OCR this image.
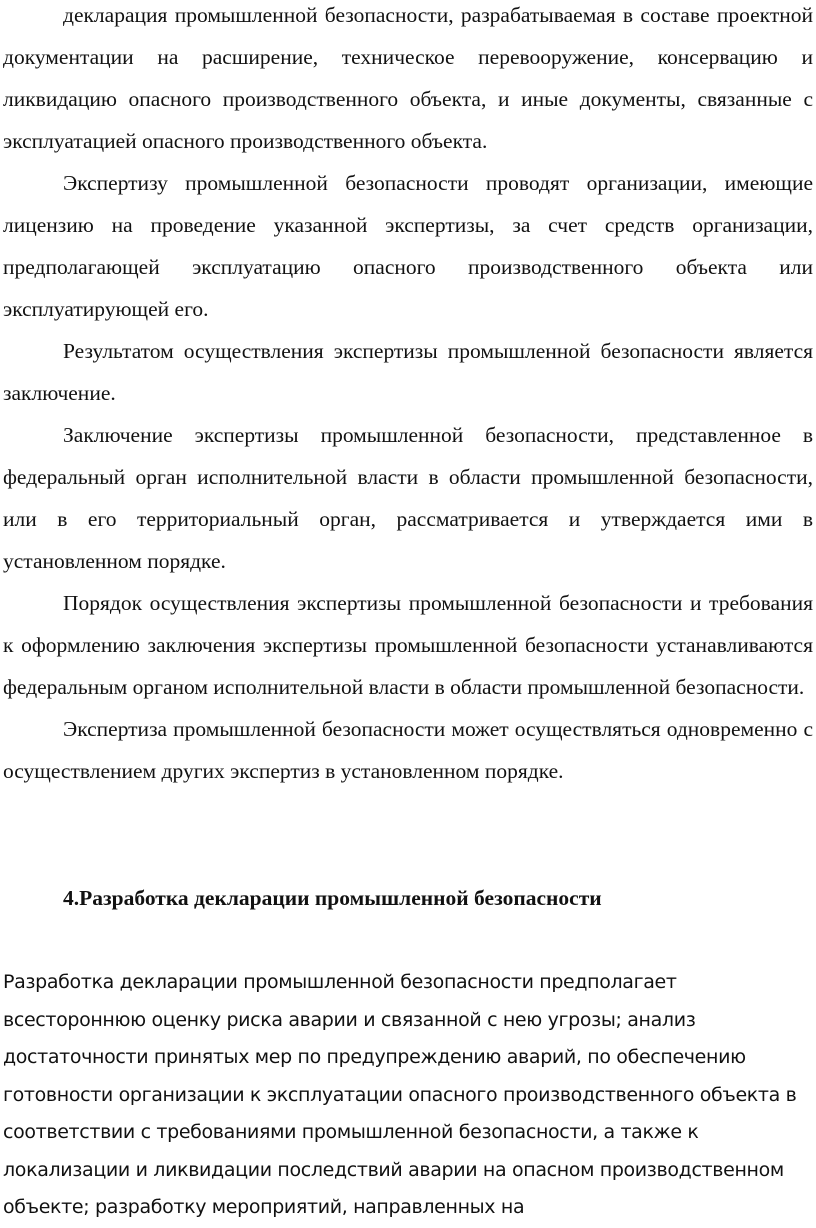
декларация промышленной безопасности, разрабатываемая в составе проектной документации на расширение, техническое перевооружение, консервацию и ликвидацию опасного производственного объекта, и иные документы, связанные с эксплуатацией опасного производственного объекта.

Экспертизу промышленной безопасности проводят организации, имеющие лицензию на проведение указанной экспертизы, за счет средств организации, предполагающей эксплуатацию опасного производственного объекта или эксплуатирующей его.

Результатом осуществления экспертизы промышленной безопасности является заключение.

Заключение экспертизы промышленной безопасности, представленное в федеральный орган исполнительной власти в области промышленной безопасности, или в его территориальный орган, рассматривается и утверждается ими в установленном порядке.

Порядок осуществления экспертизы промышленной безопасности и требования к оформлению заключения экспертизы промышленной безопасности устанавливаются федеральным органом исполнительной власти в области промышленной безопасности.

Экспертиза промышленной безопасности может осуществляться одновременно с осуществлением других экспертиз в установленном порядке.

4.Разработка декларации промышленной безопасности

Разработка декларации промышленной безопасности предполагает всестороннюю оценку риска аварии и связанной с нею угрозы; анализ достаточности принятых мер по предупреждению аварий, по обеспечению готовности организации к эксплуатации опасного производственного объекта в соответствии с требованиями промышленной безопасности, а также к локализации и ликвидации последствий аварии на опасном производственном объекте; разработку мероприятий, направленных на
